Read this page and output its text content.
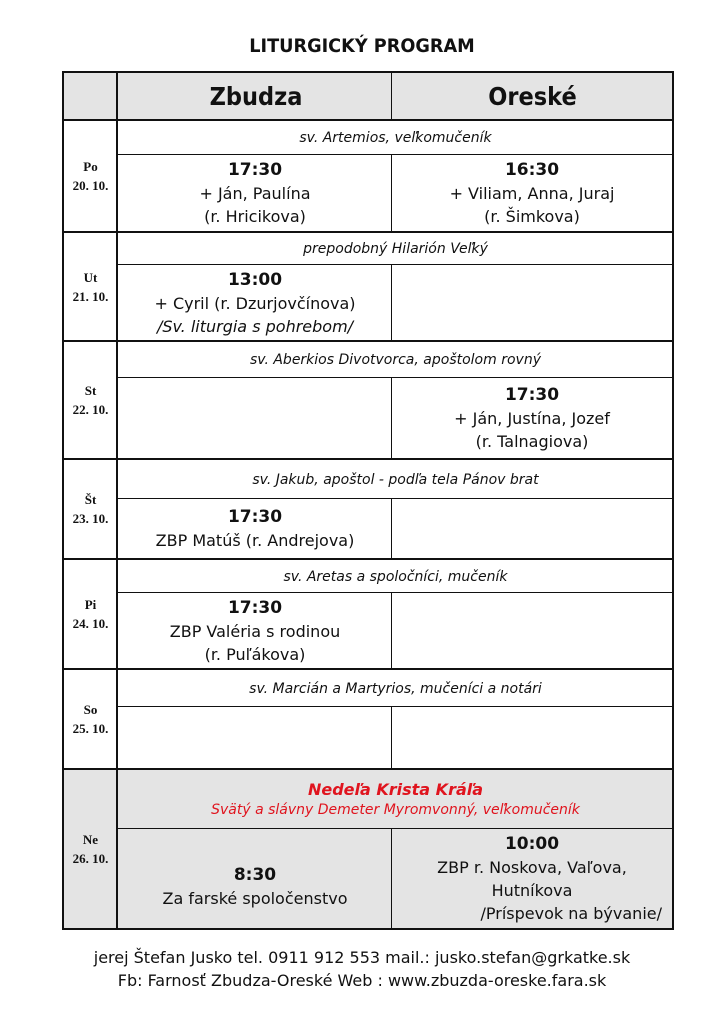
LITURGICKÝ PROGRAM
Zbudza	Oreské
Po
20. 10.
sv. Artemios, veľkomučeník
17:30
+ Ján, Paulína
(r. Hricikova)
16:30
+ Viliam, Anna, Juraj
(r. Šimkova)
Ut
21. 10.
prepodobný Hilarión Veľký
13:00
+ Cyril (r. Dzurjovčínova)
/Sv. liturgia s pohrebom/
St
22. 10.
sv. Aberkios Divotvorca, apoštolom rovný
17:30
+ Ján, Justína, Jozef
(r. Talnagiova)
Št
23. 10.
sv. Jakub, apoštol - podľa tela Pánov brat
17:30
ZBP Matúš (r. Andrejova)
Pi
24. 10.
sv. Aretas a spoločníci, mučeník
17:30
ZBP Valéria s rodinou
(r. Puľákova)
So
25. 10.
sv. Marcián a Martyrios, mučeníci a notári
Ne
26. 10.
Nedeľa Krista Kráľa
Svätý a slávny Demeter Myromvonný, veľkomučeník
8:30
Za farské spoločenstvo
10:00
ZBP r. Noskova, Vaľova,
Hutníkova
/Príspevok na bývanie/
jerej Štefan Jusko tel. 0911 912 553 mail.: jusko.stefan@grkatke.sk
Fb: Farnosť Zbudza-Oreské Web : www.zbuzda-oreske.fara.sk
